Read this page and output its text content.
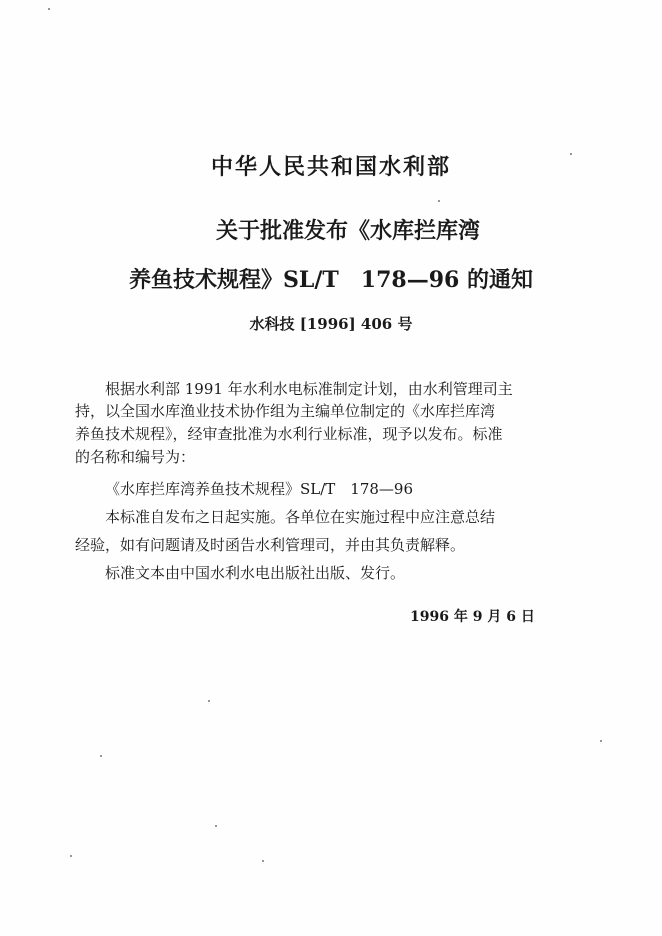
中华人民共和国水利部
关于批准发布《水库拦库湾
养鱼技术规程》SL/T　178—96 的通知
水科技 [1996] 406 号
根据水利部 1991 年水利水电标准制定计划，由水利管理司主
持，以全国水库渔业技术协作组为主编单位制定的《水库拦库湾
养鱼技术规程》，经审查批准为水利行业标准，现予以发布。标准
的名称和编号为：
《水库拦库湾养鱼技术规程》SL/T　178—96
本标准自发布之日起实施。各单位在实施过程中应注意总结
经验，如有问题请及时函告水利管理司，并由其负责解释。
标准文本由中国水利水电出版社出版、发行。
1996 年 9 月 6 日
